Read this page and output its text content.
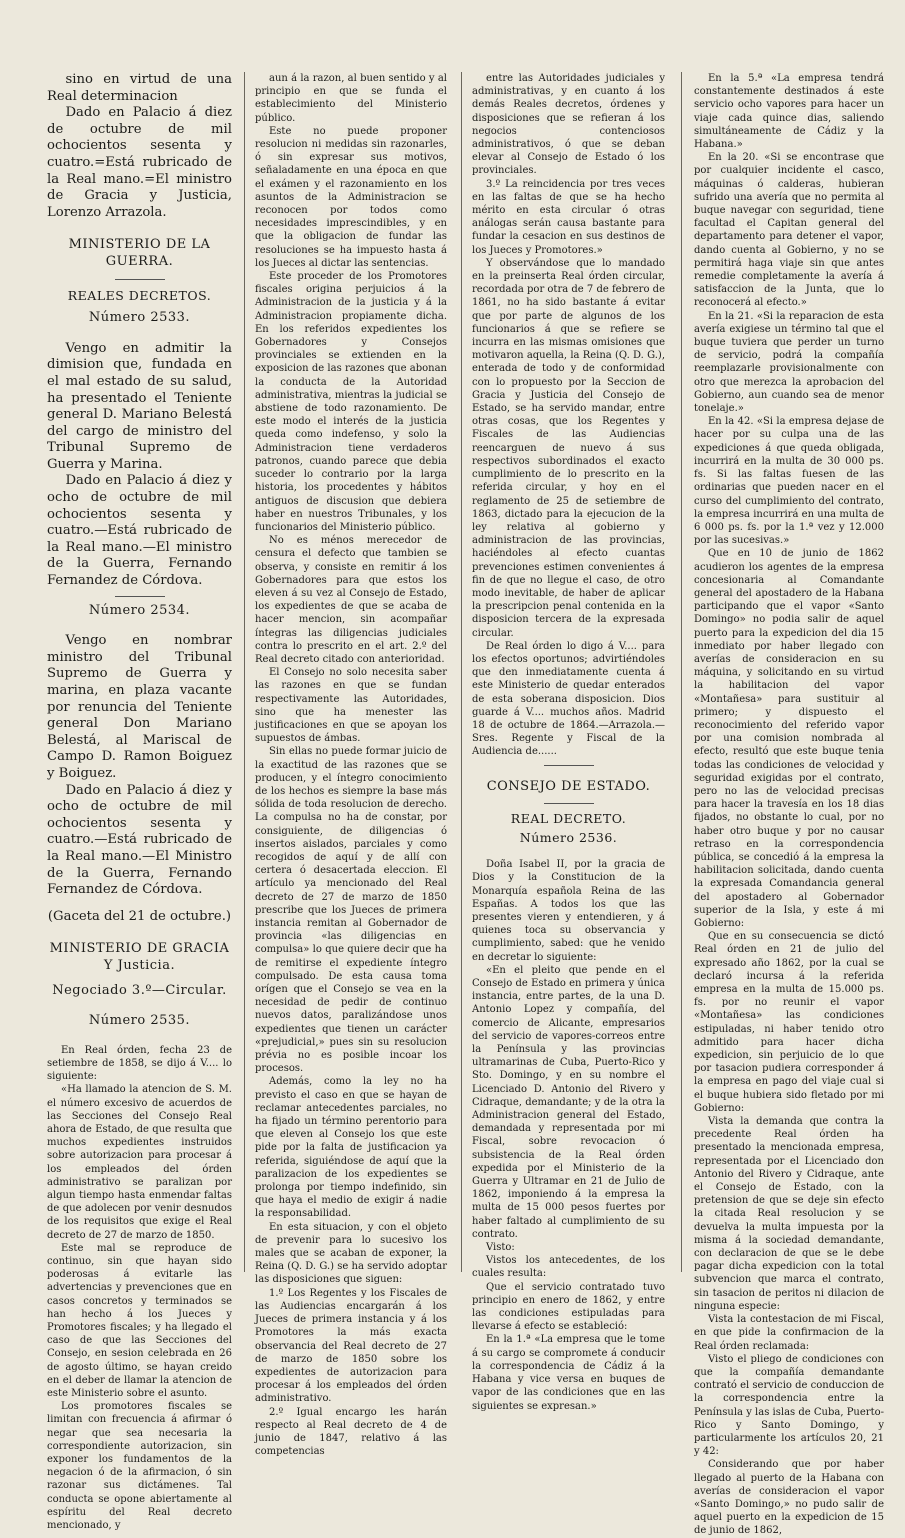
sino en virtud de una Real determinacion

Dado en Palacio á diez de octubre de mil ochocientos sesenta y cuatro.=Está rubricado de la Real mano.=El ministro de Gracia y Justicia, Lorenzo Arrazola.

MINISTERIO DE LA GUERRA.
REALES DECRETOS.
Número 2533.

Vengo en admitir la dimision que, fundada en el mal estado de su salud, ha presentado el Teniente general D. Mariano Belestá del cargo de ministro del Tribunal Supremo de Guerra y Marina.

Dado en Palacio á diez y ocho de octubre de mil ochocientos sesenta y cuatro.—Está rubricado de la Real mano.—El ministro de la Guerra, Fernando Fernandez de Córdova.

Número 2534.

Vengo en nombrar ministro del Tribunal Supremo de Guerra y marina, en plaza vacante por renuncia del Teniente general Don Mariano Belestá, al Mariscal de Campo D. Ramon Boiguez y Boiguez.

Dado en Palacio á diez y ocho de octubre de mil ochocientos sesenta y cuatro.—Está rubricado de la Real mano.—El Ministro de la Guerra, Fernando Fernandez de Córdova.

(Gaceta del 21 de octubre.)

MINISTERIO DE GRACIA Y Justicia.
Negociado 3.º—Circular.
Número 2535.

En Real órden, fecha 23 de setiembre de 1858, se dijo á V.... lo siguiente:

«Ha llamado la atencion de S. M. el número excesivo de acuerdos de las Secciones del Consejo Real ahora de Estado, de que resulta que muchos expedientes instruidos sobre autorizacion para procesar á los empleados del órden administrativo se paralizan por algun tiempo hasta enmendar faltas de que adolecen por venir desnudos de los requisitos que exige el Real decreto de 27 de marzo de 1850.

Este mal se reproduce de continuo, sin que hayan sido poderosas á evitarle las advertencias y prevenciones que en casos concretos y terminados se han hecho á los Jueces y Promotores fiscales; y ha llegado el caso de que las Secciones del Consejo, en sesion celebrada en 26 de agosto último, se hayan creido en el deber de llamar la atencion de este Ministerio sobre el asunto.

Los promotores fiscales se limitan con frecuencia á afirmar ó negar que sea necesaria la correspondiente autorizacion, sin exponer los fundamentos de la negacion ó de la afirmacion, ó sin razonar sus dictámenes. Tal conducta se opone abiertamente al espíritu del Real decreto mencionado, y

aun á la razon, al buen sentido y al principio en que se funda el establecimiento del Ministerio público.

Este no puede proponer resolucion ni medidas sin razonarles, ó sin expresar sus motivos, señaladamente en una época en que el exámen y el razonamiento en los asuntos de la Administracion se reconocen por todos como necesidades imprescindibles, y en que la obligacion de fundar las resoluciones se ha impuesto hasta á los Jueces al dictar las sentencias.

Este proceder de los Promotores fiscales origina perjuicios á la Administracion de la justicia y á la Administracion propiamente dicha. En los referidos expedientes los Gobernadores y Consejos provinciales se extienden en la exposicion de las razones que abonan la conducta de la Autoridad administrativa, mientras la judicial se abstiene de todo razonamiento. De este modo el interés de la justicia queda como indefenso, y solo la Administracion tiene verdaderos patronos, cuando parece que debia suceder lo contrario por la larga historia, los procedentes y hábitos antiguos de discusion que debiera haber en nuestros Tribunales, y los funcionarios del Ministerio público.

No es ménos merecedor de censura el defecto que tambien se observa, y consiste en remitir á los Gobernadores para que estos los eleven á su vez al Consejo de Estado, los expedientes de que se acaba de hacer mencion, sin acompañar íntegras las diligencias judiciales contra lo prescrito en el art. 2.º del Real decreto citado con anterioridad.

El Consejo no solo necesita saber las razones en que se fundan respectivamente las Autoridades, sino que ha menester las justificaciones en que se apoyan los supuestos de ámbas.

Sin ellas no puede formar juicio de la exactitud de las razones que se producen, y el íntegro conocimiento de los hechos es siempre la base más sólida de toda resolucion de derecho. La compulsa no ha de constar, por consiguiente, de diligencias ó insertos aislados, parciales y como recogidos de aquí y de allí con certera ó desacertada eleccion. El artículo ya mencionado del Real decreto de 27 de marzo de 1850 prescribe que los Jueces de primera instancia remitan al Gobernador de provincia «las diligencias en compulsa» lo que quiere decir que ha de remitirse el expediente íntegro compulsado. De esta causa toma orígen que el Consejo se vea en la necesidad de pedir de continuo nuevos datos, paralizándose unos expedientes que tienen un carácter «prejudicial,» pues sin su resolucion prévia no es posible incoar los procesos.

Además, como la ley no ha previsto el caso en que se hayan de reclamar antecedentes parciales, no ha fijado un término perentorio para que eleven al Consejo los que este pide por la falta de justificacion ya referida, siguiéndose de aquí que la paralizacion de los expedientes se prolonga por tiempo indefinido, sin que haya el medio de exigir á nadie la responsabilidad.

En esta situacion, y con el objeto de prevenir para lo sucesivo los males que se acaban de exponer, la Reina (Q. D. G.) se ha servido adoptar las disposiciones que siguen:

1.º Los Regentes y los Fiscales de las Audiencias encargarán á los Jueces de primera instancia y á los Promotores la más exacta observancia del Real decreto de 27 de marzo de 1850 sobre los expedientes de autorizacion para procesar á los empleados del órden administrativo.

2.º Igual encargo les harán respecto al Real decreto de 4 de junio de 1847, relativo á las competencias

entre las Autoridades judiciales y administrativas, y en cuanto á los demás Reales decretos, órdenes y disposiciones que se refieran á los negocios contenciosos administrativos, ó que se deban elevar al Consejo de Estado ó los provinciales.

3.º La reincidencia por tres veces en las faltas de que se ha hecho mérito en esta circular ó otras análogas serán causa bastante para fundar la cesacion en sus destinos de los Jueces y Promotores.»

Y observándose que lo mandado en la preinserta Real órden circular, recordada por otra de 7 de febrero de 1861, no ha sido bastante á evitar que por parte de algunos de los funcionarios á que se refiere se incurra en las mismas omisiones que motivaron aquella, la Reina (Q. D. G.), enterada de todo y de conformidad con lo propuesto por la Seccion de Gracia y Justicia del Consejo de Estado, se ha servido mandar, entre otras cosas, que los Regentes y Fiscales de las Audiencias reencarguen de nuevo á sus respectivos subordinados el exacto cumplimiento de lo prescrito en la referida circular, y hoy en el reglamento de 25 de setiembre de 1863, dictado para la ejecucion de la ley relativa al gobierno y administracion de las provincias, haciéndoles al efecto cuantas prevenciones estimen convenientes á fin de que no llegue el caso, de otro modo inevitable, de haber de aplicar la prescripcion penal contenida en la disposicion tercera de la expresada circular.

De Real órden lo digo á V.... para los efectos oportunos; advirtiéndoles que den inmediatamente cuenta á este Ministerio de quedar enterados de esta soberana disposicion. Dios guarde á V.... muchos años. Madrid 18 de octubre de 1864.—Arrazola.—Sres. Regente y Fiscal de la Audiencia de......

CONSEJO DE ESTADO.
REAL DECRETO.
Número 2536.

Doña Isabel II, por la gracia de Dios y la Constitucion de la Monarquía española Reina de las Españas. A todos los que las presentes vieren y entendieren, y á quienes toca su observancia y cumplimiento, sabed: que he venido en decretar lo siguiente:

«En el pleito que pende en el Consejo de Estado en primera y única instancia, entre partes, de la una D. Antonio Lopez y compañía, del comercio de Alicante, empresarios del servicio de vapores-correos entre la Península y las provincias ultramarinas de Cuba, Puerto-Rico y Sto. Domingo, y en su nombre el Licenciado D. Antonio del Rivero y Cidraque, demandante; y de la otra la Administracion general del Estado, demandada y representada por mi Fiscal, sobre revocacion ó subsistencia de la Real órden expedida por el Ministerio de la Guerra y Ultramar en 21 de Julio de 1862, imponiendo á la empresa la multa de 15 000 pesos fuertes por haber faltado al cumplimiento de su contrato.

Visto:

Vistos los antecedentes, de los cuales resulta:

Que el servicio contratado tuvo principio en enero de 1862, y entre las condiciones estipuladas para llevarse á efecto se estableció:

En la 1.ª «La empresa que le tome á su cargo se compromete á conducir la correspondencia de Cádiz á la Habana y vice versa en buques de vapor de las condiciones que en las siguientes se expresan.»

En la 5.ª «La empresa tendrá constantemente destinados á este servicio ocho vapores para hacer un viaje cada quince dias, saliendo simultáneamente de Cádiz y la Habana.»

En la 20. «Si se encontrase que por cualquier incidente el casco, máquinas ó calderas, hubieran sufrido una avería que no permita al buque navegar con seguridad, tiene facultad el Capitan general del departamento para detener el vapor, dando cuenta al Gobierno, y no se permitirá haga viaje sin que antes remedie completamente la avería á satisfaccion de la Junta, que lo reconocerá al efecto.»

En la 21. «Si la reparacion de esta avería exigiese un término tal que el buque tuviera que perder un turno de servicio, podrá la compañía reemplazarle provisionalmente con otro que merezca la aprobacion del Gobierno, aun cuando sea de menor tonelaje.»

En la 42. «Si la empresa dejase de hacer por su culpa una de las expediciones á que queda obligada, incurrirá en la multa de 30 000 ps. fs. Si las faltas fuesen de las ordinarias que pueden nacer en el curso del cumplimiento del contrato, la empresa incurrirá en una multa de 6 000 ps. fs. por la 1.ª vez y 12.000 por las sucesivas.»

Que en 10 de junio de 1862 acudieron los agentes de la empresa concesionaria al Comandante general del apostadero de la Habana participando que el vapor «Santo Domingo» no podia salir de aquel puerto para la expedicion del dia 15 inmediato por haber llegado con averías de consideracion en su máquina, y solicitando en su virtud la habilitacion del vapor «Montañesa» para sustituir al primero; y dispuesto el reconocimiento del referido vapor por una comision nombrada al efecto, resultó que este buque tenia todas las condiciones de velocidad y seguridad exigidas por el contrato, pero no las de velocidad precisas para hacer la travesía en los 18 dias fijados, no obstante lo cual, por no haber otro buque y por no causar retraso en la correspondencia pública, se concedió á la empresa la habilitacion solicitada, dando cuenta la expresada Comandancia general del apostadero al Gobernador superior de la Isla, y este á mi Gobierno:

Que en su consecuencia se dictó Real órden en 21 de julio del expresado año 1862, por la cual se declaró incursa á la referida empresa en la multa de 15.000 ps. fs. por no reunir el vapor «Montañesa» las condiciones estipuladas, ni haber tenido otro admitido para hacer dicha expedicion, sin perjuicio de lo que por tasacion pudiera corresponder á la empresa en pago del viaje cual si el buque hubiera sido fletado por mi Gobierno:

Vista la demanda que contra la precedente Real órden ha presentado la mencionada empresa, representada por el Licenciado don Antonio del Rivero y Cidraque, ante el Consejo de Estado, con la pretension de que se deje sin efecto la citada Real resolucion y se devuelva la multa impuesta por la misma á la sociedad demandante, con declaracion de que se le debe pagar dicha expedicion con la total subvencion que marca el contrato, sin tasacion de peritos ni dilacion de ninguna especie:

Vista la contestacion de mi Fiscal, en que pide la confirmacion de la Real órden reclamada:

Visto el pliego de condiciones con que la compañía demandante contrató el servicio de conduccion de la correspondencia entre la Península y las islas de Cuba, Puerto-Rico y Santo Domingo, y particularmente los artículos 20, 21 y 42:

Considerando que por haber llegado al puerto de la Habana con averías de consideracion el vapor «Santo Domingo,» no pudo salir de aquel puerto en la expedicion de 15 de junio de 1862,
